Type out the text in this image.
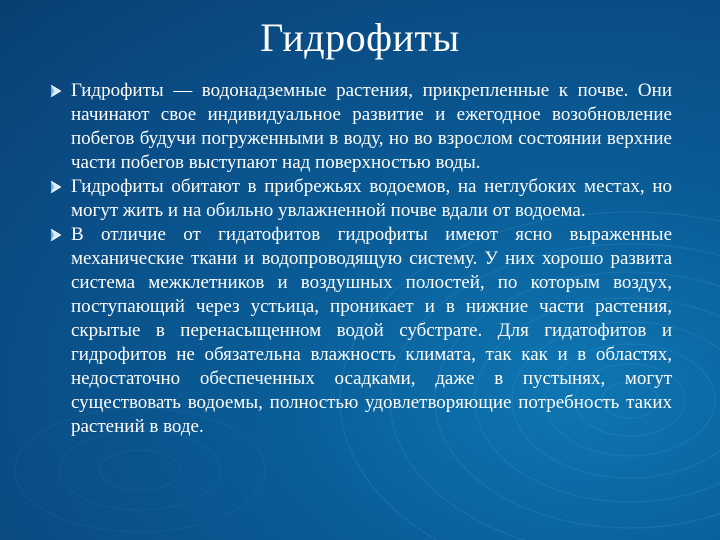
Гидрофиты
Гидрофиты — водонадземные растения, прикрепленные к почве. Они начинают свое индивидуальное развитие и ежегодное возобновление побегов будучи погруженными в воду, но во взрослом состоянии верхние части побегов выступают над поверхностью воды.
Гидрофиты обитают в прибрежьях водоемов, на неглубоких местах, но могут жить и на обильно увлажненной почве вдали от водоема.
В отличие от гидатофитов гидрофиты имеют ясно выраженные механические ткани и водопроводящую систему. У них хорошо развита система межклетников и воздушных полостей, по которым воздух, поступающий через устьица, проникает и в нижние части растения, скрытые в перенасыщенном водой субстрате. Для гидатофитов и гидрофитов не обязательна влажность климата, так как и в областях, недостаточно обеспеченных осадками, даже в пустынях, могут существовать водоемы, полностью удовлетворяющие потребность таких растений в воде.
